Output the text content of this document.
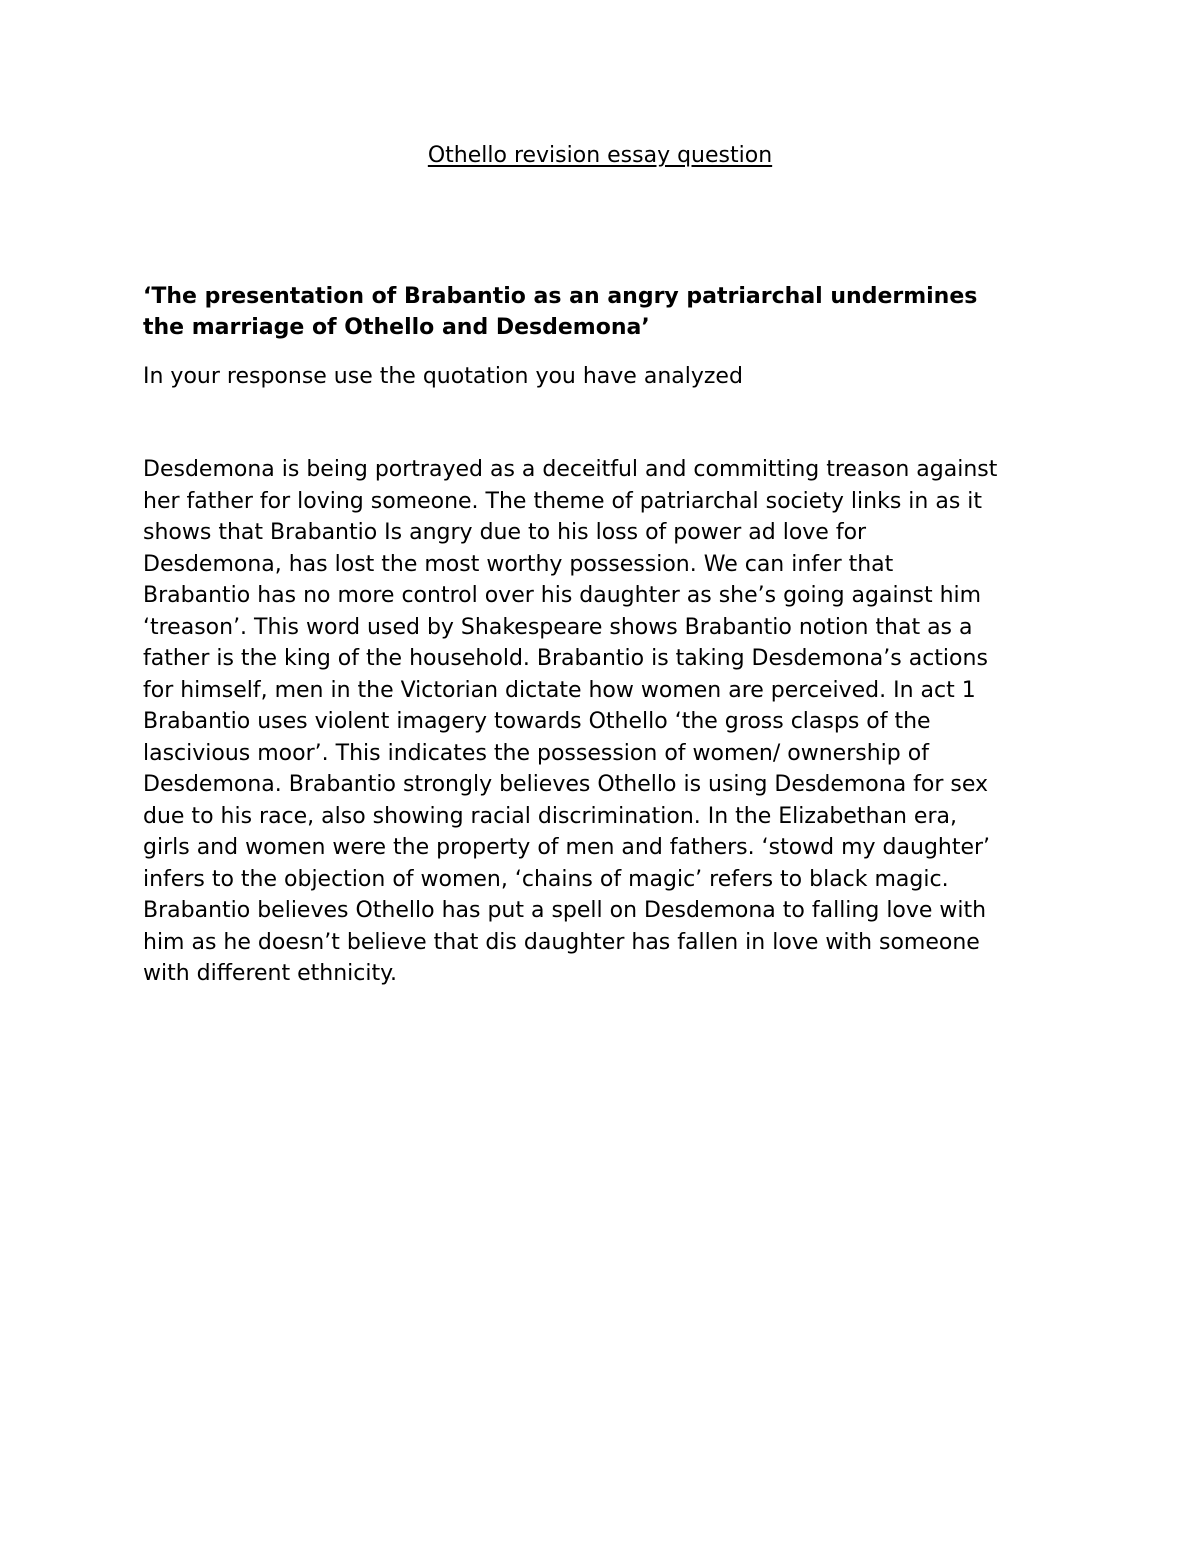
Othello revision essay question

‘The presentation of Brabantio as an angry patriarchal undermines
the marriage of Othello and Desdemona’

In your response use the quotation you have analyzed

Desdemona is being portrayed as a deceitful and committing treason against
her father for loving someone. The theme of patriarchal society links in as it
shows that Brabantio Is angry due to his loss of power ad love for
Desdemona, has lost the most worthy possession. We can infer that
Brabantio has no more control over his daughter as she’s going against him
‘treason’. This word used by Shakespeare shows Brabantio notion that as a
father is the king of the household. Brabantio is taking Desdemona’s actions
for himself, men in the Victorian dictate how women are perceived. In act 1
Brabantio uses violent imagery towards Othello ‘the gross clasps of the
lascivious moor’. This indicates the possession of women/ ownership of
Desdemona. Brabantio strongly believes Othello is using Desdemona for sex
due to his race, also showing racial discrimination. In the Elizabethan era,
girls and women were the property of men and fathers. ‘stowd my daughter’
infers to the objection of women, ‘chains of magic’ refers to black magic.
Brabantio believes Othello has put a spell on Desdemona to falling love with
him as he doesn’t believe that dis daughter has fallen in love with someone
with different ethnicity.
